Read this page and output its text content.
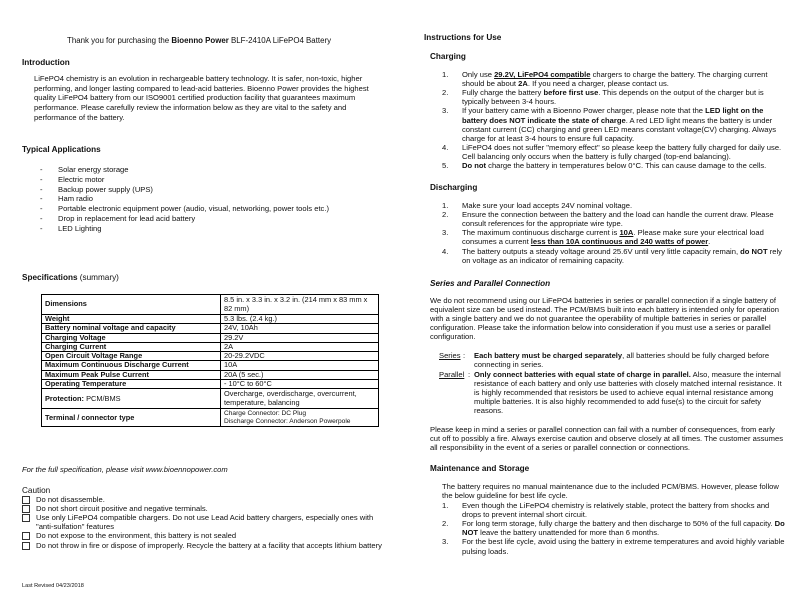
Thank you for purchasing the Bioenno Power BLF-2410A LiFePO4 Battery
Introduction
LiFePO4 chemistry is an evolution in rechargeable battery technology. It is safer, non-toxic, higher performing, and longer lasting compared to lead-acid batteries. Bioenno Power provides the highest quality LiFePO4 battery from our ISO9001 certified production facility that guarantees maximum performance. Please carefully review the information below as they are vital to the safety and performance of the battery.
Typical Applications
- Solar energy storage
- Electric motor
- Backup power supply (UPS)
- Ham radio
- Portable electronic equipment power (audio, visual, networking, power tools etc.)
- Drop in replacement for lead acid battery
- LED Lighting
Specifications (summary)
Dimensions	8.5 in. x 3.3 in. x 3.2 in. (214 mm x 83 mm x 82 mm)
Weight	5.3 lbs. (2.4 kg.)
Battery nominal voltage and capacity	24V, 10Ah
Charging Voltage	29.2V
Charging Current	2A
Open Circuit Voltage Range	20-29.2VDC
Maximum Continuous Discharge Current	10A
Maximum Peak Pulse Current	20A (5 sec.)
Operating Temperature	- 10°C to 60°C
Protection: PCM/BMS	Overcharge, overdischarge, overcurrent, temperature, balancing
Terminal / connector type	Charge Connector: DC Plug
Discharge Connector: Anderson Powerpole
For the full specification, please visit www.bioennopower.com
Caution
Do not disassemble.
Do not short circuit positive and negative terminals.
Use only LiFePO4 compatible chargers. Do not use Lead Acid battery chargers, especially ones with "anti-sulfation" features
Do not expose to the environment, this battery is not sealed
Do not throw in fire or dispose of improperly. Recycle the battery at a facility that accepts lithium battery
Last Revised 04/23/2018
Instructions for Use
Charging
1. Only use 29.2V, LiFePO4 compatible chargers to charge the battery. The charging current should be about 2A. If you need a charger, please contact us.
2. Fully charge the battery before first use. This depends on the output of the charger but is typically between 3-4 hours.
3. If your battery came with a Bioenno Power charger, please note that the LED light on the battery does NOT indicate the state of charge. A red LED light means the battery is under constant current (CC) charging and green LED means constant voltage(CV) charging. Always charge for at least 3-4 hours to ensure full capacity.
4. LiFePO4 does not suffer "memory effect" so please keep the battery fully charged for daily use. Cell balancing only occurs when the battery is fully charged (top-end balancing).
5. Do not charge the battery in temperatures below 0°C. This can cause damage to the cells.
Discharging
1. Make sure your load accepts 24V nominal voltage.
2. Ensure the connection between the battery and the load can handle the current draw. Please consult references for the appropriate wire type.
3. The maximum continuous discharge current is 10A. Please make sure your electrical load consumes a current less than 10A continuous and 240 watts of power.
4. The battery outputs a steady voltage around 25.6V until very little capacity remain, do NOT rely on voltage as an indicator of remaining capacity.
Series and Parallel Connection
We do not recommend using our LiFePO4 batteries in series or parallel connection if a single battery of equivalent size can be used instead. The PCM/BMS built into each battery is intended only for operation with a single battery and we do not guarantee the operability of multiple batteries in series or parallel configuration. Please take the information below into consideration if you must use a series or parallel configuration.
Series : Each battery must be charged separately, all batteries should be fully charged before connecting in series.
Parallel : Only connect batteries with equal state of charge in parallel. Also, measure the internal resistance of each battery and only use batteries with closely matched internal resistance. It is highly recommended that resistors be used to achieve equal internal resistance among multiple batteries. It is also highly recommended to add fuse(s) to the circuit for safety reasons.
Please keep in mind a series or parallel connection can fail with a number of consequences, from early cut off to possibly a fire. Always exercise caution and observe closely at all times. The customer assumes all responsibility in the event of a series or parallel connection or connections.
Maintenance and Storage
The battery requires no manual maintenance due to the included PCM/BMS. However, please follow the below guideline for best life cycle.
1. Even though the LiFePO4 chemistry is relatively stable, protect the battery from shocks and drops to prevent internal short circuit.
2. For long term storage, fully charge the battery and then discharge to 50% of the full capacity. Do NOT leave the battery unattended for more than 6 months.
3. For the best life cycle, avoid using the battery in extreme temperatures and avoid highly variable pulsing loads.
